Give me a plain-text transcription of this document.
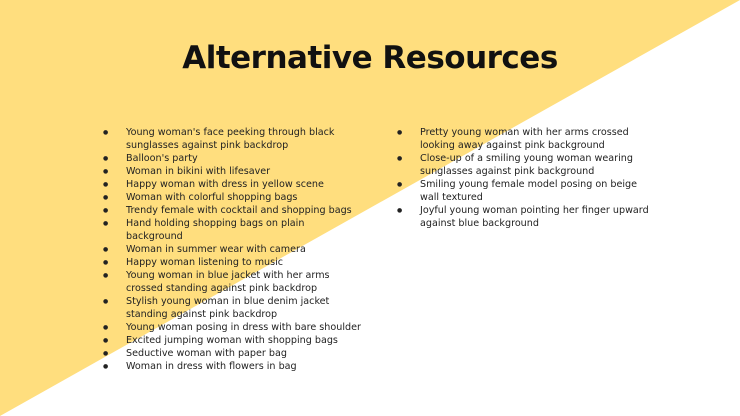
Alternative Resources
● Young woman's face peeking through black sunglasses against pink backdrop
● Balloon's party
● Woman in bikini with lifesaver
● Happy woman with dress in yellow scene
● Woman with colorful shopping bags
● Trendy female with cocktail and shopping bags
● Hand holding shopping bags on plain background
● Woman in summer wear with camera
● Happy woman listening to music
● Young woman in blue jacket with her arms crossed standing against pink backdrop
● Stylish young woman in blue denim jacket standing against pink backdrop
● Young woman posing in dress with bare shoulder
● Excited jumping woman with shopping bags
● Seductive woman with paper bag
● Woman in dress with flowers in bag
● Pretty young woman with her arms crossed looking away against pink background
● Close-up of a smiling young woman wearing sunglasses against pink background
● Smiling young female model posing on beige wall textured
● Joyful young woman pointing her finger upward against blue background
